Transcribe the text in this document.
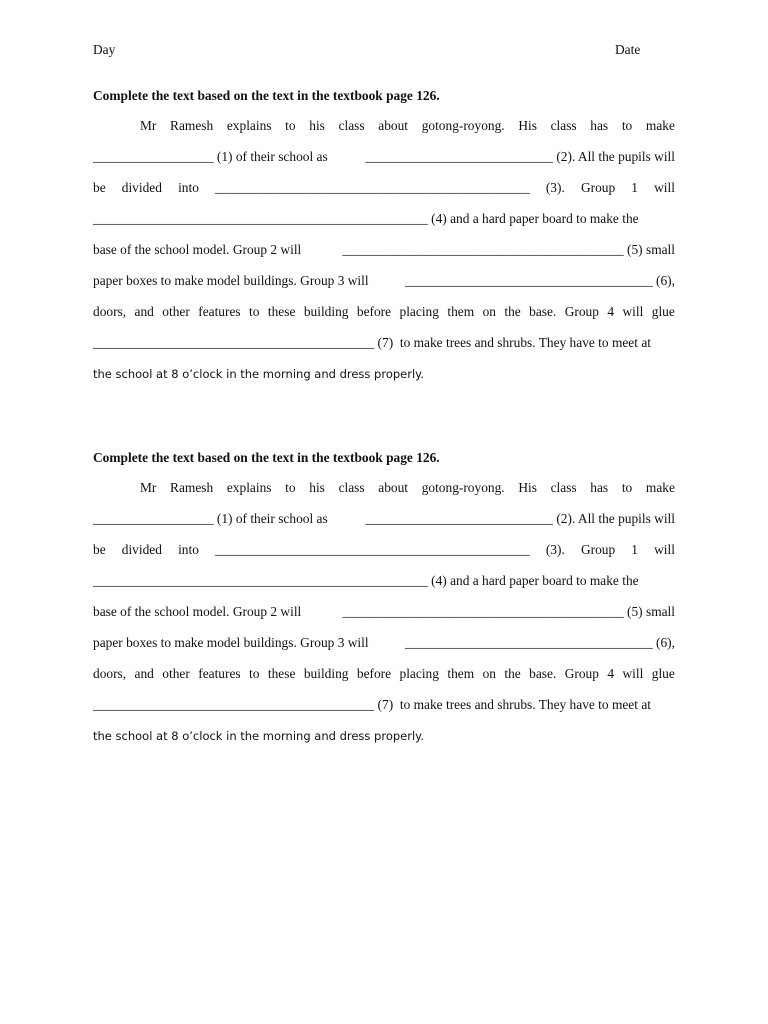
Day	Date

Complete the text based on the text in the textbook page 126.

Mr Ramesh explains to his class about gotong-royong. His class has to make
__________________ (1) of their school as	____________________________ (2). All the pupils will
be divided into _______________________________________________ (3). Group 1 will
__________________________________________________ (4) and a hard paper board to make the
base of the school model. Group 2 will	__________________________________________ (5) small
paper boxes to make model buildings. Group 3 will	_____________________________________ (6),
doors, and other features to these building before placing them on the base. Group 4 will glue
__________________________________________ (7)  to make trees and shrubs. They have to meet at
the school at 8 o’clock in the morning and dress properly.

Complete the text based on the text in the textbook page 126.

Mr Ramesh explains to his class about gotong-royong. His class has to make
__________________ (1) of their school as	____________________________ (2). All the pupils will
be divided into _______________________________________________ (3). Group 1 will
__________________________________________________ (4) and a hard paper board to make the
base of the school model. Group 2 will	__________________________________________ (5) small
paper boxes to make model buildings. Group 3 will	_____________________________________ (6),
doors, and other features to these building before placing them on the base. Group 4 will glue
__________________________________________ (7)  to make trees and shrubs. They have to meet at
the school at 8 o’clock in the morning and dress properly.
